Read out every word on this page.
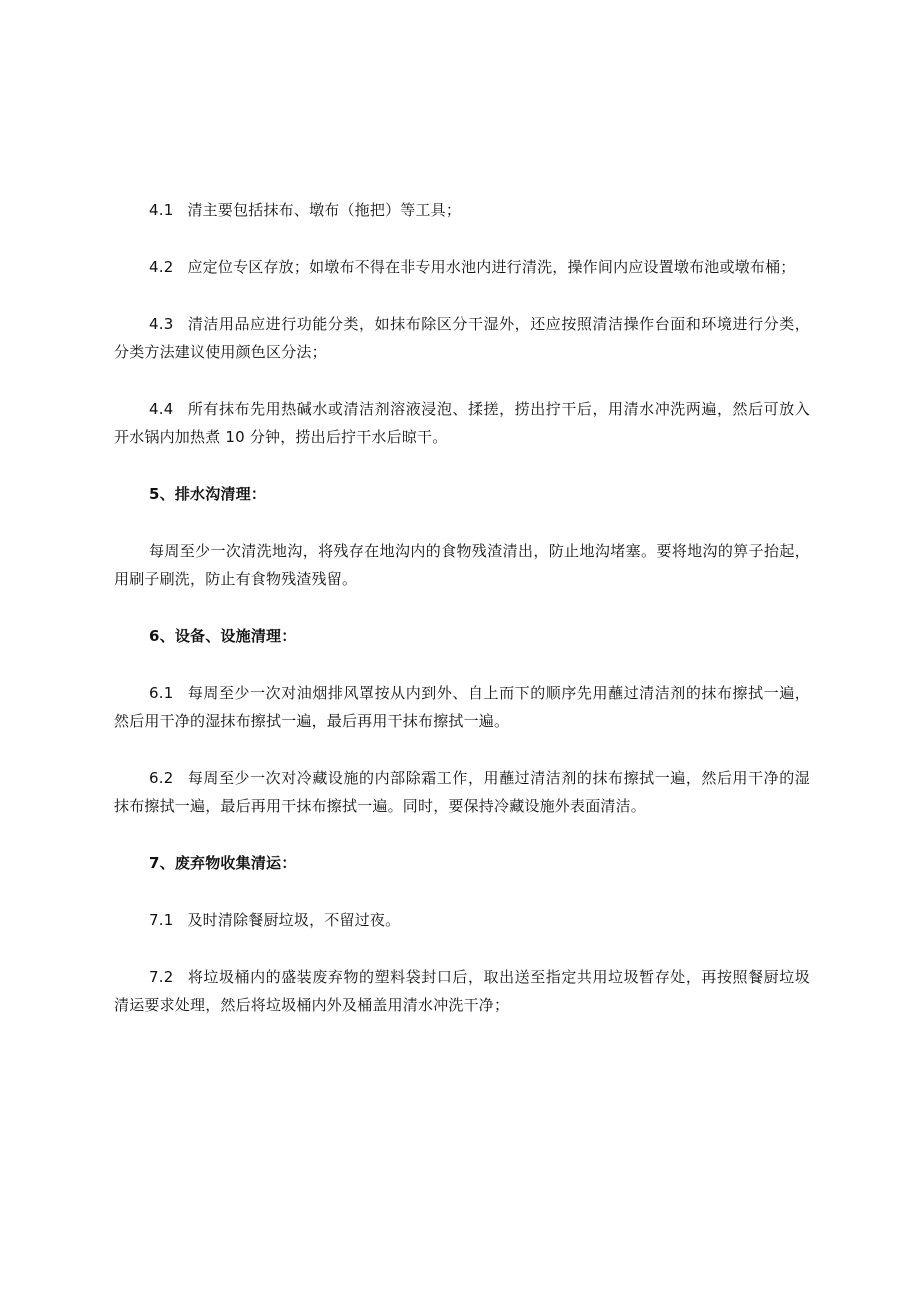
4.1 清主要包括抹布、墩布（拖把）等工具；

4.2 应定位专区存放；如墩布不得在非专用水池内进行清洗，操作间内应设置墩布池或墩布桶；

4.3 清洁用品应进行功能分类，如抹布除区分干湿外，还应按照清洁操作台面和环境进行分类，分类方法建议使用颜色区分法；

4.4 所有抹布先用热碱水或清洁剂溶液浸泡、揉搓，捞出拧干后，用清水冲洗两遍，然后可放入开水锅内加热煮 10 分钟，捞出后拧干水后晾干。

5、排水沟清理：

每周至少一次清洗地沟，将残存在地沟内的食物残渣清出，防止地沟堵塞。要将地沟的箅子抬起，用刷子刷洗，防止有食物残渣残留。

6、设备、设施清理：

6.1 每周至少一次对油烟排风罩按从内到外、自上而下的顺序先用蘸过清洁剂的抹布擦拭一遍，然后用干净的湿抹布擦拭一遍，最后再用干抹布擦拭一遍。

6.2 每周至少一次对冷藏设施的内部除霜工作，用蘸过清洁剂的抹布擦拭一遍，然后用干净的湿抹布擦拭一遍，最后再用干抹布擦拭一遍。同时，要保持冷藏设施外表面清洁。

7、废弃物收集清运：

7.1 及时清除餐厨垃圾，不留过夜。

7.2 将垃圾桶内的盛装废弃物的塑料袋封口后，取出送至指定共用垃圾暂存处，再按照餐厨垃圾清运要求处理，然后将垃圾桶内外及桶盖用清水冲洗干净；
